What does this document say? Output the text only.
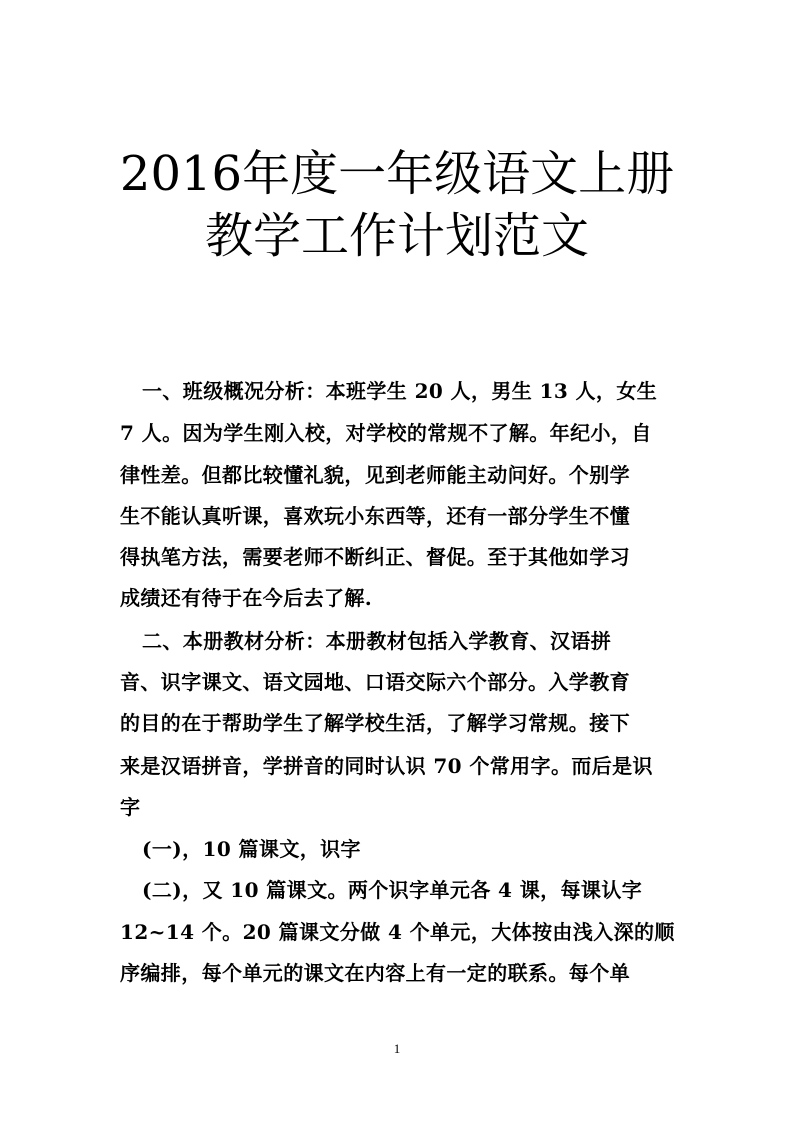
2016年度一年级语文上册
教学工作计划范文
一、班级概况分析：本班学生 20 人，男生 13 人，女生
7 人。因为学生刚入校，对学校的常规不了解。年纪小，自
律性差。但都比较懂礼貌，见到老师能主动问好。个别学
生不能认真听课，喜欢玩小东西等，还有一部分学生不懂
得执笔方法，需要老师不断纠正、督促。至于其他如学习
成绩还有待于在今后去了解.
二、本册教材分析：本册教材包括入学教育、汉语拼
音、识字课文、语文园地、口语交际六个部分。入学教育
的目的在于帮助学生了解学校生活，了解学习常规。接下
来是汉语拼音，学拼音的同时认识 70 个常用字。而后是识
字
(一)，10 篇课文，识字
(二)，又 10 篇课文。两个识字单元各 4 课，每课认字
12~14 个。20 篇课文分做 4 个单元，大体按由浅入深的顺
序编排，每个单元的课文在内容上有一定的联系。每个单
1
